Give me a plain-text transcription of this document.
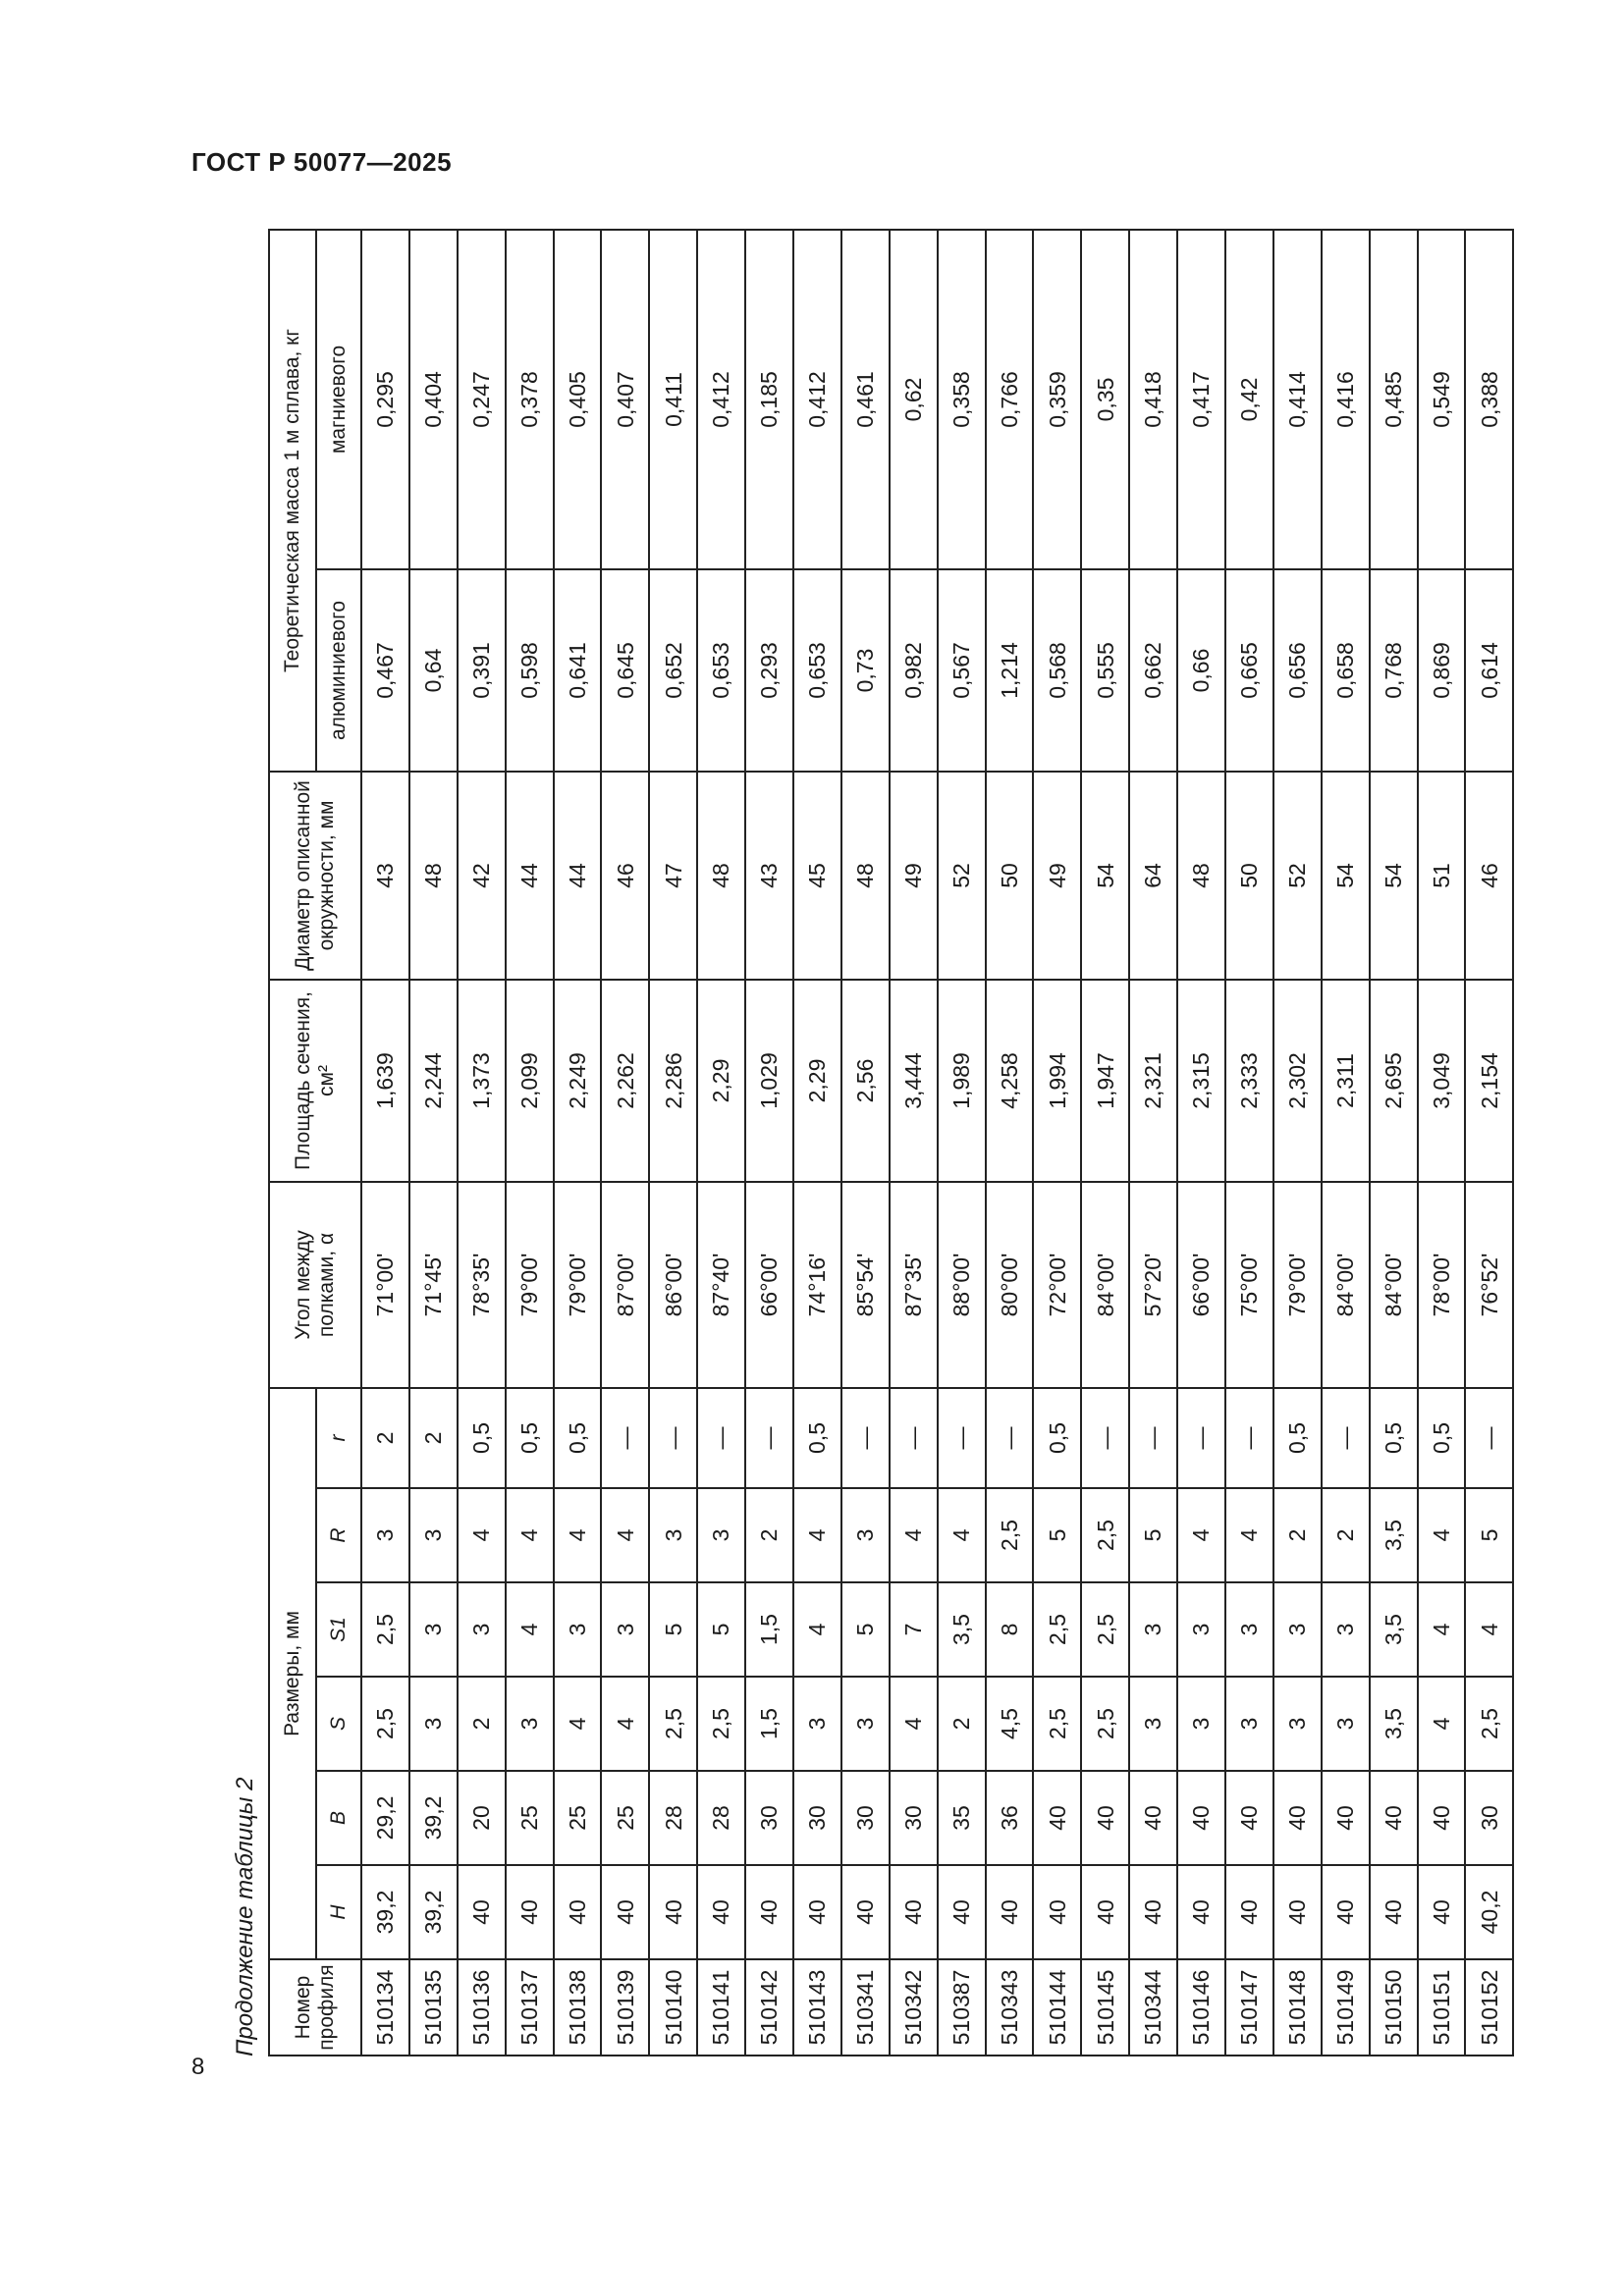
ГОСТ Р 50077—2025
Продолжение таблицы 2 Номер профиля	Размеры, мм						Угол между полками, α	Площадь сечения, см²	Диаметр описанной окружности, мм	Теоретическая масса 1 м сплава, кг	
	H	B	S	S1	R	r				алюминиевого	магниевого
510134	39,2	29,2	2,5	2,5	3	2	71°00'	1,639	43	0,467	0,295
510135	39,2	39,2	3	3	3	2	71°45'	2,244	48	0,64	0,404
510136	40	20	2	3	4	0,5	78°35'	1,373	42	0,391	0,247
510137	40	25	3	4	4	0,5	79°00'	2,099	44	0,598	0,378
510138	40	25	4	3	4	0,5	79°00'	2,249	44	0,641	0,405
510139	40	25	4	3	4	—	87°00'	2,262	46	0,645	0,407
510140	40	28	2,5	5	3	—	86°00'	2,286	47	0,652	0,411
510141	40	28	2,5	5	3	—	87°40'	2,29	48	0,653	0,412
510142	40	30	1,5	1,5	2	—	66°00'	1,029	43	0,293	0,185
510143	40	30	3	4	4	0,5	74°16'	2,29	45	0,653	0,412
510341	40	30	3	5	3	—	85°54'	2,56	48	0,73	0,461
510342	40	30	4	7	4	—	87°35'	3,444	49	0,982	0,62
510387	40	35	2	3,5	4	—	88°00'	1,989	52	0,567	0,358
510343	40	36	4,5	8	2,5	—	80°00'	4,258	50	1,214	0,766
510144	40	40	2,5	2,5	5	0,5	72°00'	1,994	49	0,568	0,359
510145	40	40	2,5	2,5	2,5	—	84°00'	1,947	54	0,555	0,35
510344	40	40	3	3	5	—	57°20'	2,321	64	0,662	0,418
510146	40	40	3	3	4	—	66°00'	2,315	48	0,66	0,417
510147	40	40	3	3	4	—	75°00'	2,333	50	0,665	0,42
510148	40	40	3	3	2	0,5	79°00'	2,302	52	0,656	0,414
510149	40	40	3	3	2	—	84°00'	2,311	54	0,658	0,416
510150	40	40	3,5	3,5	3,5	0,5	84°00'	2,695	54	0,768	0,485
510151	40	40	4	4	4	0,5	78°00'	3,049	51	0,869	0,549
510152	40,2	30	2,5	4	5	—	76°52'	2,154	46	0,614	0,388
8
